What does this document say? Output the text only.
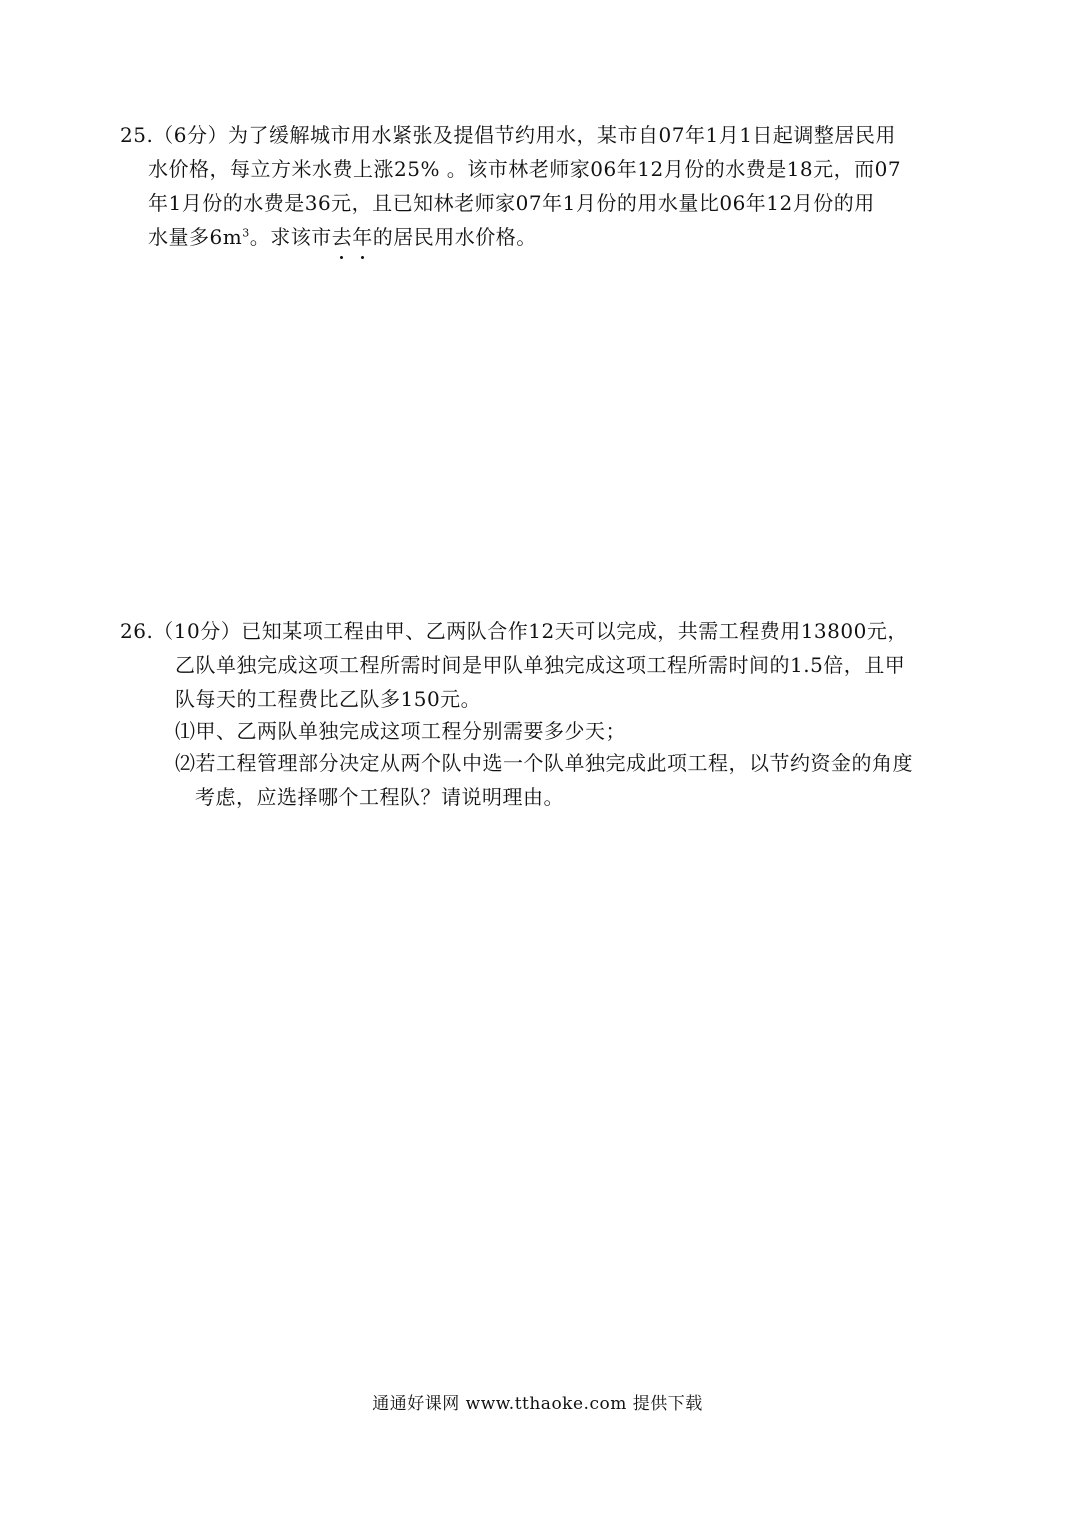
25.（6分）为了缓解城市用水紧张及提倡节约用水，某市自07年1月1日起调整居民用
水价格，每立方米水费上涨25% 。该市林老师家06年12月份的水费是18元，而07
年1月份的水费是36元，且已知林老师家07年1月份的用水量比06年12月份的用
水量多$6m^3$。求该市去年的居民用水价格。
26.（10分）已知某项工程由甲、乙两队合作12天可以完成，共需工程费用13800元，
乙队单独完成这项工程所需时间是甲队单独完成这项工程所需时间的1.5倍，且甲
队每天的工程费比乙队多150元。
⑴甲、乙两队单独完成这项工程分别需要多少天；
⑵若工程管理部分决定从两个队中选一个队单独完成此项工程，以节约资金的角度
考虑，应选择哪个工程队？请说明理由。
通通好课网 www.tthaoke.com 提供下载
